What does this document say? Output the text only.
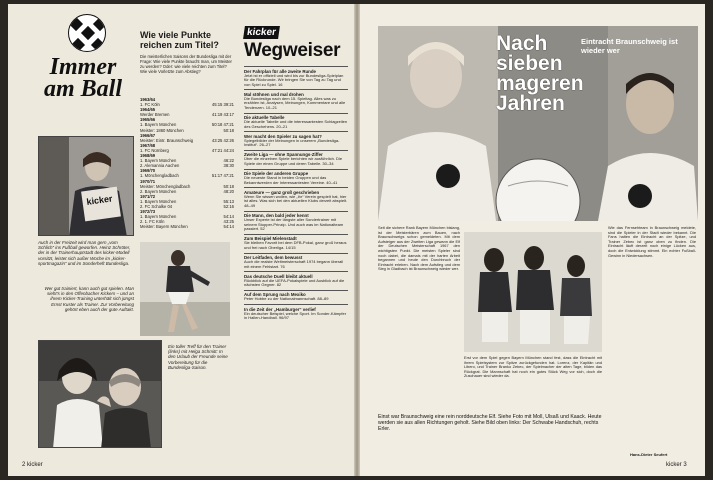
Immer am Ball
kicker
Auch in der Freizeit wird man gern „vom Schlich“ ins Fußball geworfen. Heinz Schröter, der in der Trainerhauptstadt des kicker-Modell vorsitzt, leistet sich außer Woche im „kicker-sportmagazin“ und im Sonderheft Bundesliga.
Wer gut trainiert, kann auch gut spielen. Man sieht's in den Offenbacher Kickers – und an ihrem Kicker-Training unterhält sich jüngst Ernst Kuster als Trainer. Zur Vorbereitung gehört eben auch der gute Auftakt.
Ein toller Treff für den Trainer (links) mit Helga Schmitt: In den Urlaub der Freunde seine Vorbereitung für die Bundesliga-Saison.
2 kicker
Wie viele Punkte reichen zum Titel?
Die meisterlichen Saisons der Bundesliga mit der Frage: Wie viele Punkte braucht man, um Meister zu werden? Oder: wie viele reichten zum Titel? Wie viele Vorletzte zum Abstieg?
1963/64
1. FC Köln	45:15 39:21
1964/65
Werder Bremen	41:19 43:17
1965/66
1. Bayern München	50:18 47:21
Meister: 1860 München	50:18
1966/67
Meister: Eintr. Braunschweig	43:25 42:26
1967/68
1. FC Nürnberg	47:21 44:24
1968/69
1. Bayern München	46:22
2. Alemannia Aachen	38:30
1969/70
1. Mönchengladbach	51:17 47:21
1970/71
Meister: Mönchengladbach	50:18
2. Bayern München	48:20
1971/72
1. Bayern München	55:13
2. FC Schalke 04	52:16
1972/73
1. Bayern München	54:14
2. 1. FC Köln	43:25
Meister: Bayern München	54:14
kicker
Wegweiser
Der Fahrplan für alle zweite Runde
Jetzt ist er offiziell und wird bis zur Bundesliga-Spielplan für die Rückrunde. Wir bringen Sie von Tag zu Tag und von Spiel zu Spiel. 16
Mal stöhnen und mal drohen
Die Bundesliga nach dem 15. Spieltag. Alles was zu erzählen ist, Analysen, Meinungen, Kommentare und alle Tendenzen. 10–21
Die aktuelle Tabelle
Die aktuelle Tabelle und die interessantesten Schlagzeilen des Geschehens. 20–21
Wer macht den Spieler zu sagen hat?
Spiegelbilder der Meinungen in unserem „Bundesliga-Institut“. 26–27
Zweite Liga — ohne Spannungs-Ziffer
Über die einzelnen Spiele berichten wir ausführlich. Die Spiele der einen Gruppe und deren Tabelle. 30–34
Die Spiele der anderen Gruppe
Die neueste Stand in beiden Gruppen und das Bekanntwerden der Interessantesten Vereine. 40–41
Amateure — ganz groß geschrieben
Wenn Sie wissen wollen, wie „ihr“ Verein gespielt hat, hier ist alles. Was sich bei den aktuellen Klubs derzeit abspielt. 48–49
Die Mann, den bald jeder kennt
Unser Experte ist der längste aller Sondertrainer mit seinem Stopper-Prinzip. Und auch was im Nationalteam passiert. 52
Zum Beispiel Mielenstadt
Sie bleiben Favorit bei dem DFB-Pokal, ganz groß heraus und frei nach Oberliga. 14/15
Der Leitfaden, dem bewusst
Auch die realste Weltmeisterschaft 1974 begann überall mit einem Fehlstart. 76
Das deutsche Duell bleibt aktuell
Rückblick auf die UEFA-Pokalspiele und Ausblick auf die nächsten Gegner. 82
Auf dem Sprung nach Mexiko
Peter Hobbe zu der Nationalmannschaft. 88–89
In die Zeit der „Hamburger“ verlief
Ein deutscher Beispiel, welche Sport. Im Sonder-Kämpfer in Hallen-Handball. 96/97
Nach sieben mageren Jahren
Eintracht Braunschweig ist wieder wer
Seit die sichere Rank Bayern München bislang, ist der Meisterbären zum Bauen, nach Braunschweigs schon gemeldeten. Mit dem Aufsteiger aus der Zweiten Liga gewann die Elf der Deutschen Meisterschaft 1967 den wichtigsten Punkt. Die meisten Spieler sind noch dabei, die damals mit der harten Arbeit begannen und heute den Durchbruch der Eintracht erleben. Nach dem Aufstieg und dem Sieg in Gladbach ist Braunschweig wieder wer.
Erst vor dem Spiel gegen Bayern München stand fest, dass die Eintracht mit ihrem Spielsystem zur Spitze zurückgefunden hat. Lorenz, der Kapitän und Libero, und Trainer Branko Zebec, der Spielmacher der alten Tage, bilden das Rückgrat. Die Mannschaft hat noch ein gutes Stück Weg vor sich, doch die Zuschauer sind wieder da.
Wie das Fernsehteam in Braunschweig meldete, sind die Spieler in der Stadt wieder bekannt. Die Fans halten die Eintracht an der Spitze, und Trainer Zebec ist ganz oben zu finden. Die Eintracht läuft derzeit noch einige Lücken aus, doch die Entwicklung stimmt. Ein echter Fußball-Gewinn in Niedersachsen.
Einst war Braunschweig eine rein norddeutsche Elf. Siehe Foto mit Moll, Ulsaß und Kaack. Heute werden sie aus allen Richtungen geholt. Siehe Bild oben links: Der Schwabe Handschuh, rechts Erler.
Hans-Dieter Seufert
kicker 3
